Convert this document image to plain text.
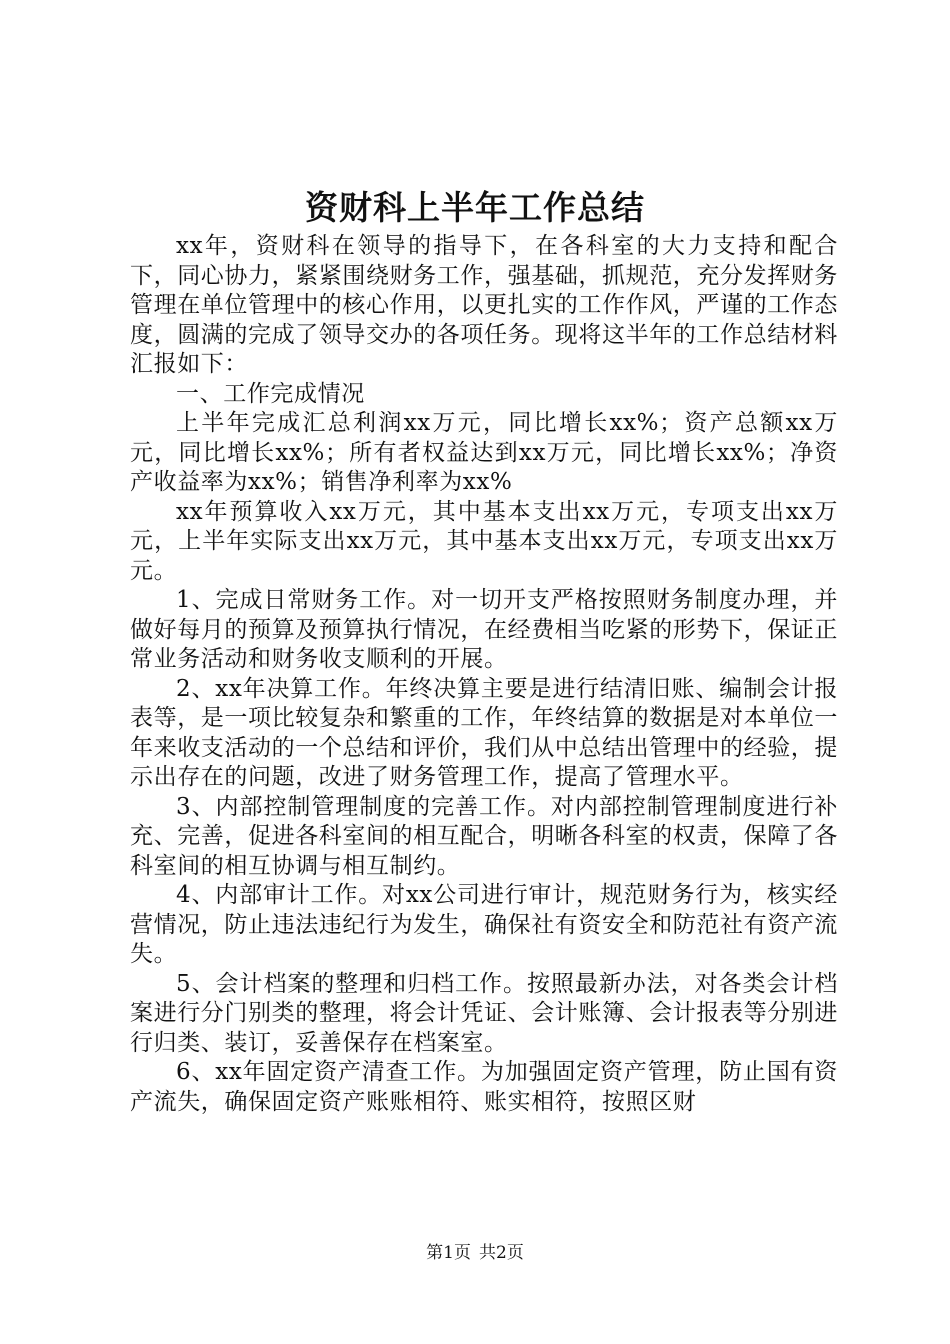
资财科上半年工作总结

xx年，资财科在领导的指导下，在各科室的大力支持和配合下，同心协力，紧紧围绕财务工作，强基础，抓规范，充分发挥财务管理在单位管理中的核心作用，以更扎实的工作作风，严谨的工作态度，圆满的完成了领导交办的各项任务。现将这半年的工作总结材料汇报如下：

一、工作完成情况

上半年完成汇总利润xx万元，同比增长xx%；资产总额xx万元，同比增长xx%；所有者权益达到xx万元，同比增长xx%；净资产收益率为xx%；销售净利率为xx%

xx年预算收入xx万元，其中基本支出xx万元，专项支出xx万元，上半年实际支出xx万元，其中基本支出xx万元，专项支出xx万元。

1、完成日常财务工作。对一切开支严格按照财务制度办理，并做好每月的预算及预算执行情况，在经费相当吃紧的形势下，保证正常业务活动和财务收支顺利的开展。

2、xx年决算工作。年终决算主要是进行结清旧账、编制会计报表等，是一项比较复杂和繁重的工作，年终结算的数据是对本单位一年来收支活动的一个总结和评价，我们从中总结出管理中的经验，提示出存在的问题，改进了财务管理工作，提高了管理水平。

3、内部控制管理制度的完善工作。对内部控制管理制度进行补充、完善，促进各科室间的相互配合，明晰各科室的权责，保障了各科室间的相互协调与相互制约。

4、内部审计工作。对xx公司进行审计，规范财务行为，核实经营情况，防止违法违纪行为发生，确保社有资安全和防范社有资产流失。

5、会计档案的整理和归档工作。按照最新办法，对各类会计档案进行分门别类的整理，将会计凭证、会计账簿、会计报表等分别进行归类、装订，妥善保存在档案室。

6、xx年固定资产清查工作。为加强固定资产管理，防止国有资产流失，确保固定资产账账相符、账实相符，按照区财

第1页 共2页
